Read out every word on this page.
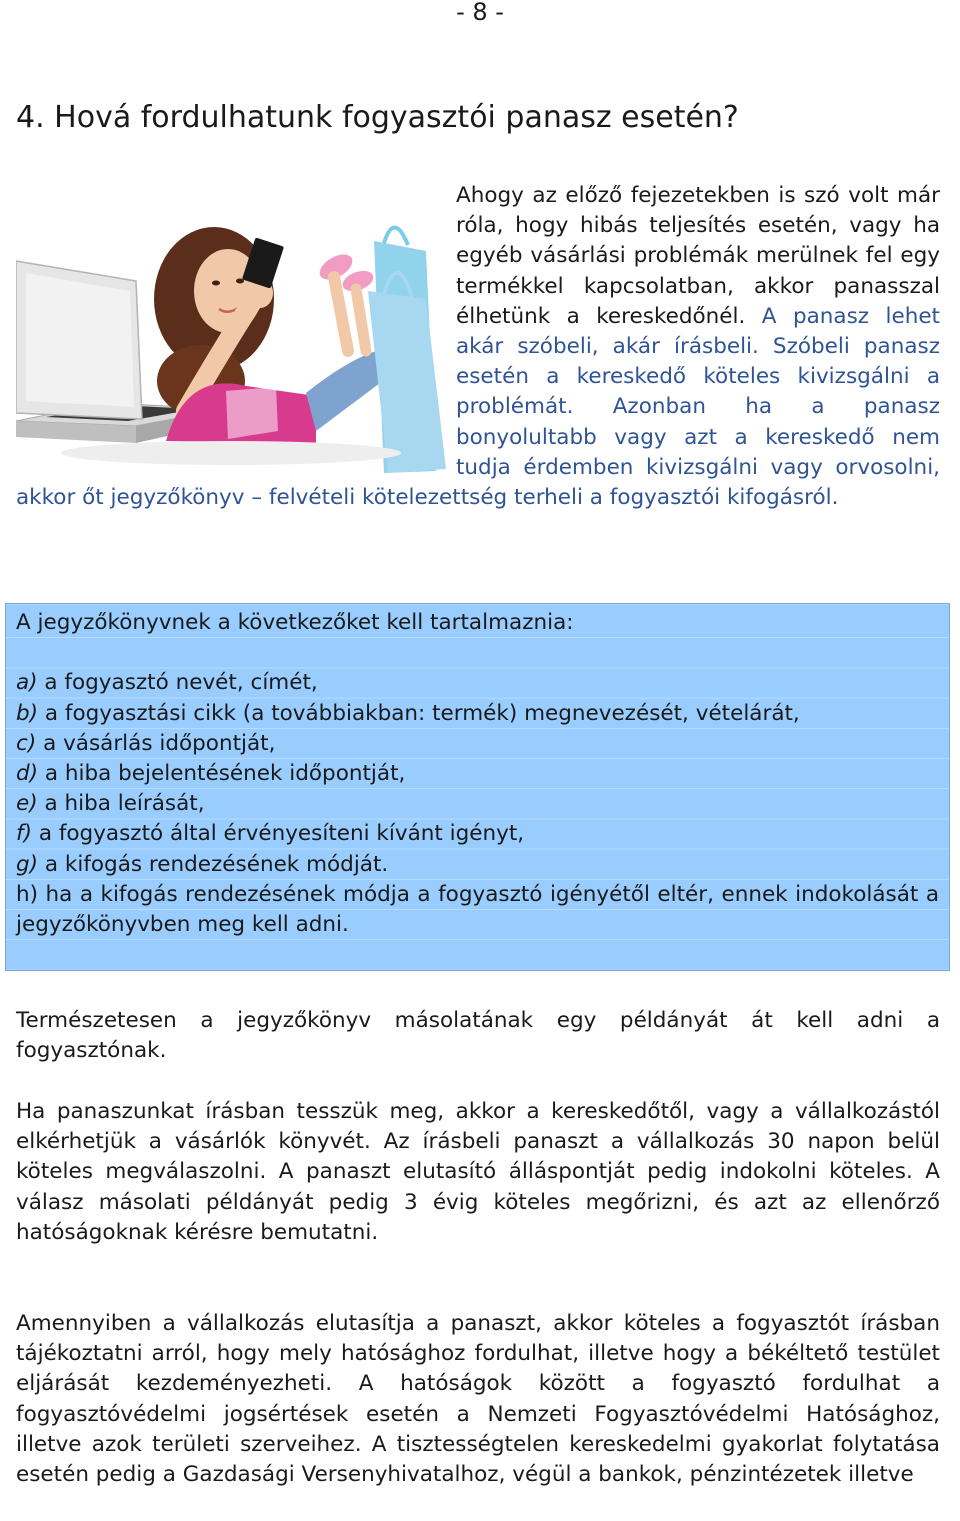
- 8 -
4. Hová fordulhatunk fogyasztói panasz esetén?

Ahogy az előző fejezetekben is szó volt már róla, hogy hibás teljesítés esetén, vagy ha egyéb vásárlási problémák merülnek fel egy termékkel kapcsolatban, akkor panasszal élhetünk a kereskedőnél. A panasz lehet akár szóbeli, akár írásbeli. Szóbeli panasz esetén a kereskedő köteles kivizsgálni a problémát. Azonban ha a panasz bonyolultabb vagy azt a kereskedő nem tudja érdemben kivizsgálni vagy orvosolni, akkor őt jegyzőkönyv – felvételi kötelezettség terheli a fogyasztói kifogásról.

A jegyzőkönyvnek a következőket kell tartalmaznia:
a) a fogyasztó nevét, címét,
b) a fogyasztási cikk (a továbbiakban: termék) megnevezését, vételárát,
c) a vásárlás időpontját,
d) a hiba bejelentésének időpontját,
e) a hiba leírását,
f) a fogyasztó által érvényesíteni kívánt igényt,
g) a kifogás rendezésének módját.
h) ha a kifogás rendezésének módja a fogyasztó igényétől eltér, ennek indokolását a jegyzőkönyvben meg kell adni.

Természetesen a jegyzőkönyv másolatának egy példányát át kell adni a fogyasztónak.

Ha panaszunkat írásban tesszük meg, akkor a kereskedőtől, vagy a vállalkozástól elkérhetjük a vásárlók könyvét. Az írásbeli panaszt a vállalkozás 30 napon belül köteles megválaszolni. A panaszt elutasító álláspontját pedig indokolni köteles. A válasz másolati példányát pedig 3 évig köteles megőrizni, és azt az ellenőrző hatóságoknak kérésre bemutatni.

Amennyiben a vállalkozás elutasítja a panaszt, akkor köteles a fogyasztót írásban tájékoztatni arról, hogy mely hatósághoz fordulhat, illetve hogy a békéltető testület eljárását kezdeményezheti. A hatóságok között a fogyasztó fordulhat a fogyasztóvédelmi jogsértések esetén a Nemzeti Fogyasztóvédelmi Hatósághoz, illetve azok területi szerveihez. A tisztességtelen kereskedelmi gyakorlat folytatása esetén pedig a Gazdasági Versenyhivatalhoz, végül a bankok, pénzintézetek illetve
